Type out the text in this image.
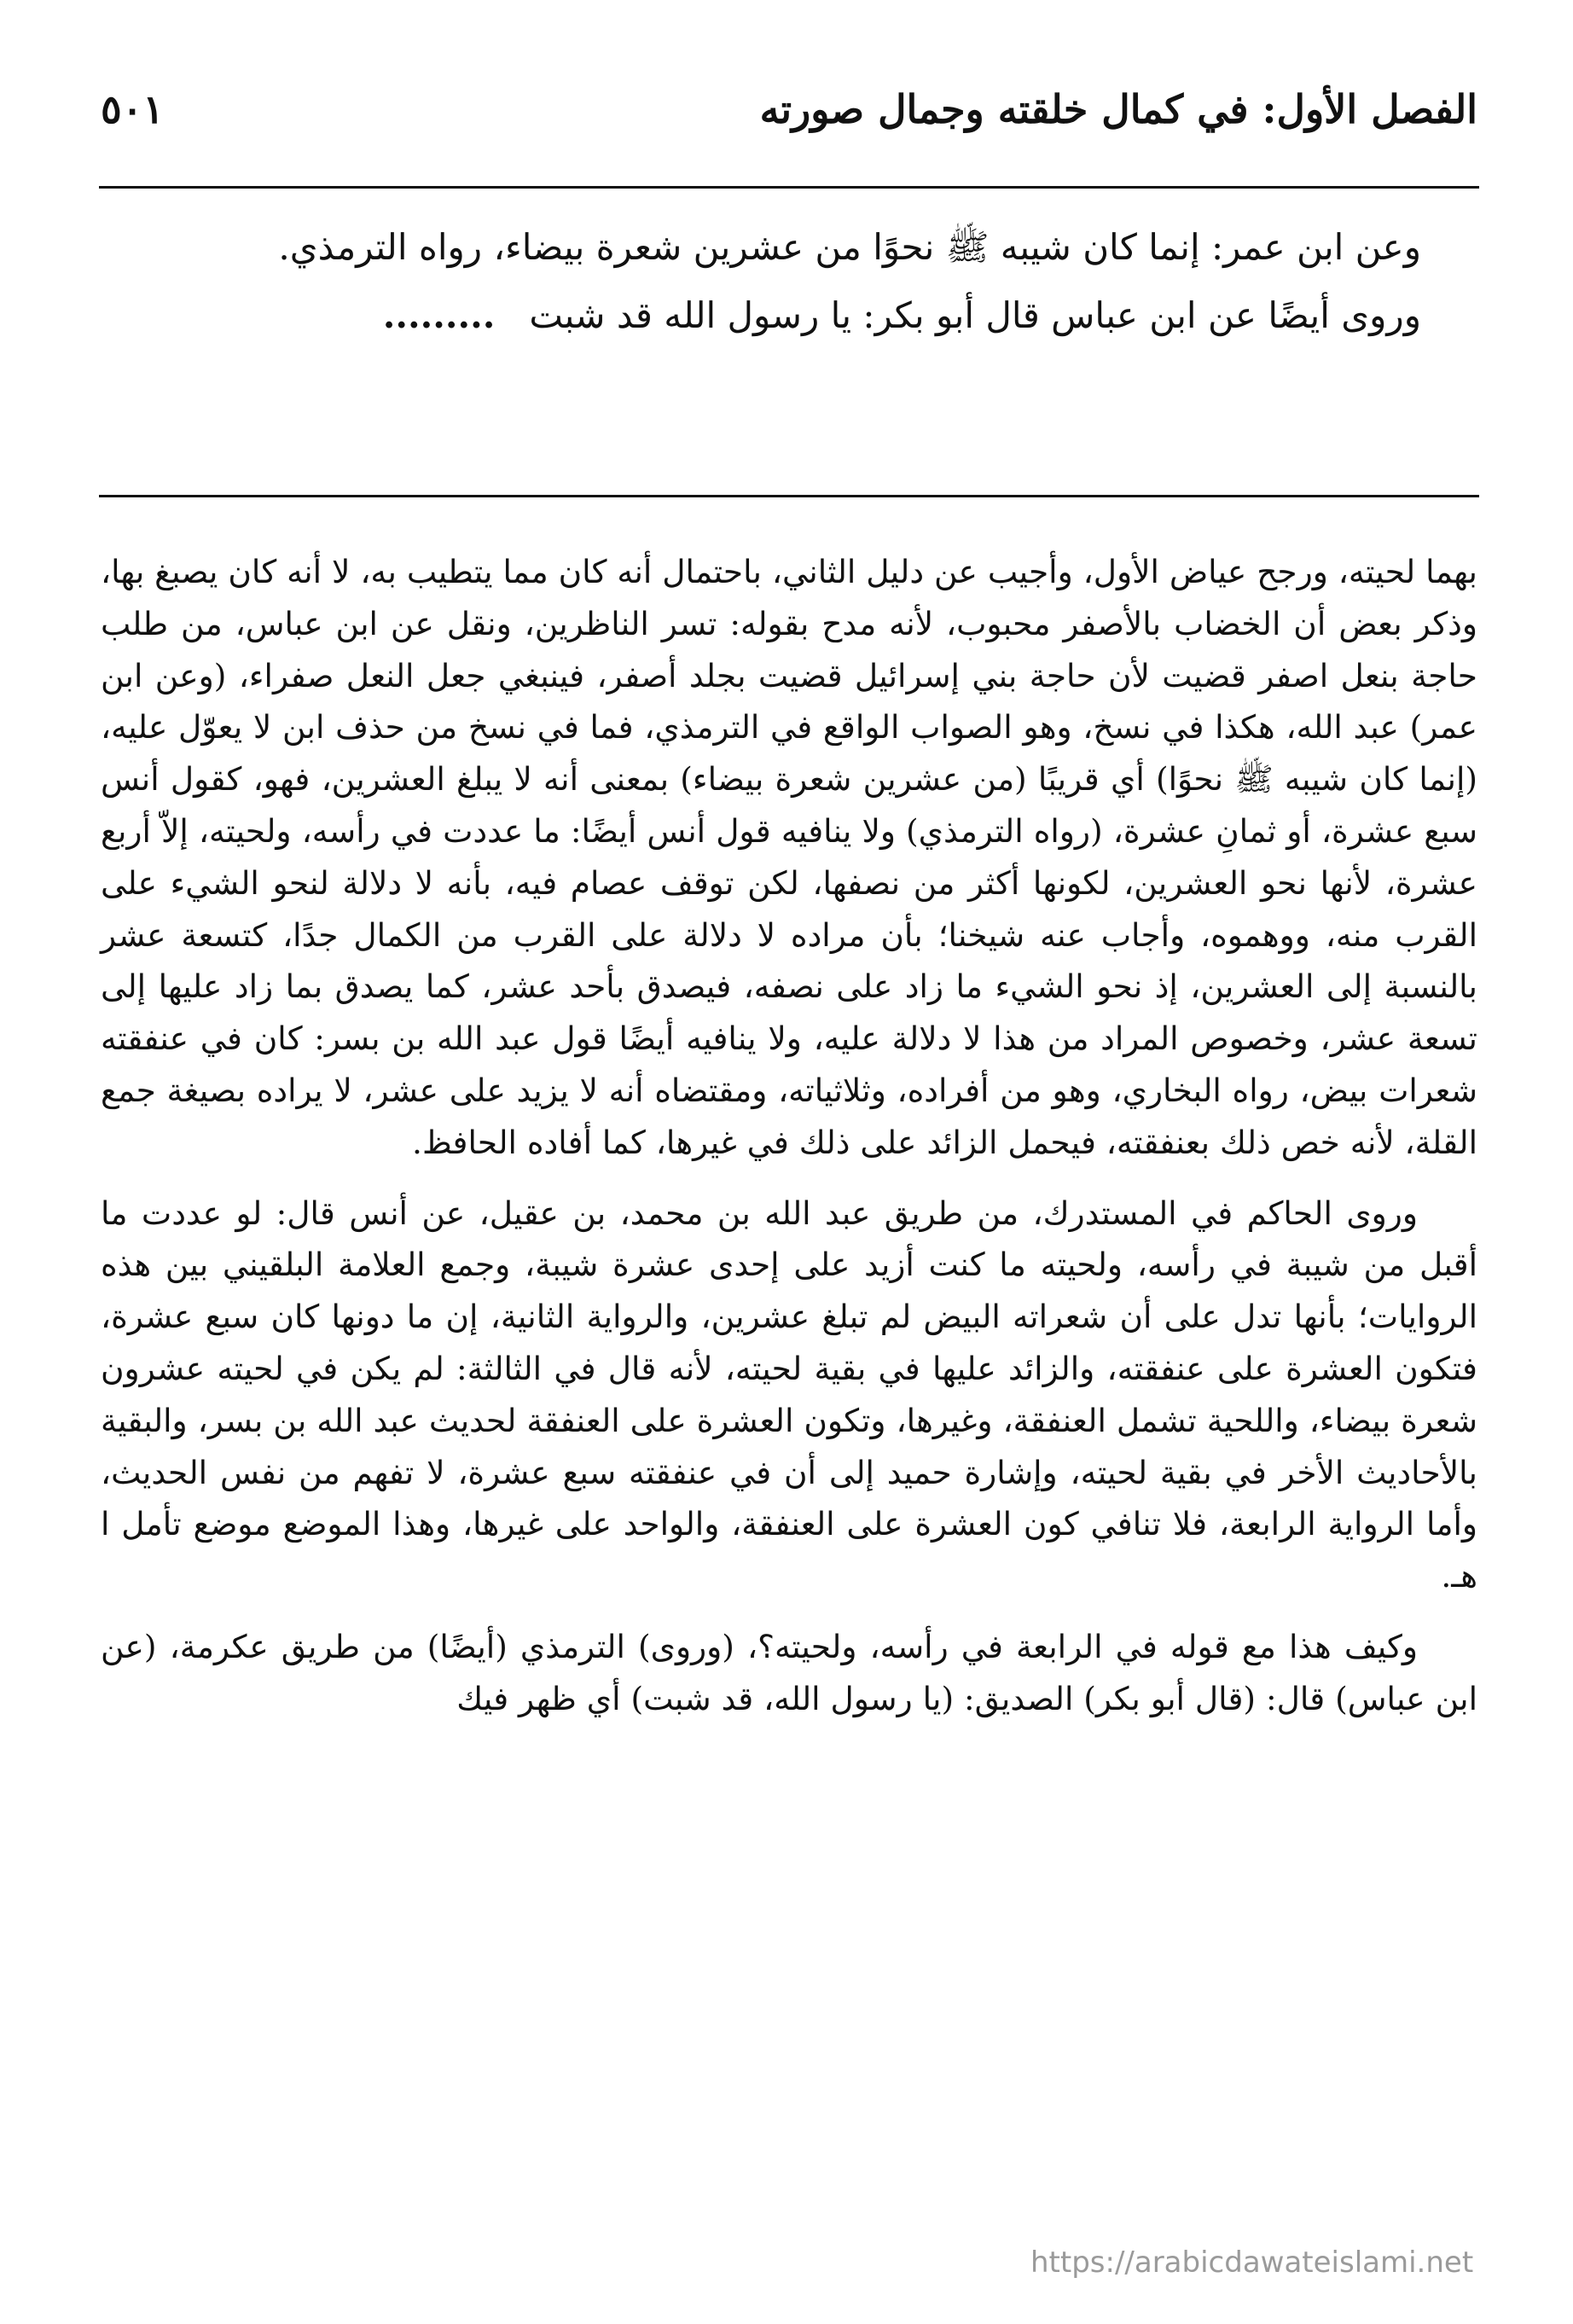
الفصل الأول: في كمال خلقته وجمال صورته
٥٠١

وعن ابن عمر: إنما كان شيبه ﷺ نحوًا من عشرين شعرة بيضاء، رواه الترمذي.

وروى أيضًا عن ابن عباس قال أبو بكر: يا رسول الله قد شبت.........

بهما لحيته، ورجح عياض الأول، وأجيب عن دليل الثاني، باحتمال أنه كان مما يتطيب به، لا أنه كان يصبغ بها، وذكر بعض أن الخضاب بالأصفر محبوب، لأنه مدح بقوله: تسر الناظرين، ونقل عن ابن عباس، من طلب حاجة بنعل اصفر قضيت لأن حاجة بني إسرائيل قضيت بجلد أصفر، فينبغي جعل النعل صفراء، (وعن ابن عمر) عبد الله، هكذا في نسخ، وهو الصواب الواقع في الترمذي، فما في نسخ من حذف ابن لا يعوّل عليه، (إنما كان شيبه ﷺ نحوًا) أي قريبًا (من عشرين شعرة بيضاء) بمعنى أنه لا يبلغ العشرين، فهو، كقول أنس سبع عشرة، أو ثمانِ عشرة، (رواه الترمذي) ولا ينافيه قول أنس أيضًا: ما عددت في رأسه، ولحيته، إلاّ أربع عشرة، لأنها نحو العشرين، لكونها أكثر من نصفها، لكن توقف عصام فيه، بأنه لا دلالة لنحو الشيء على القرب منه، ووهموه، وأجاب عنه شيخنا؛ بأن مراده لا دلالة على القرب من الكمال جدًا، كتسعة عشر بالنسبة إلى العشرين، إذ نحو الشيء ما زاد على نصفه، فيصدق بأحد عشر، كما يصدق بما زاد عليها إلى تسعة عشر، وخصوص المراد من هذا لا دلالة عليه، ولا ينافيه أيضًا قول عبد الله بن بسر: كان في عنفقته شعرات بيض، رواه البخاري، وهو من أفراده، وثلاثياته، ومقتضاه أنه لا يزيد على عشر، لا يراده بصيغة جمع القلة، لأنه خص ذلك بعنفقته، فيحمل الزائد على ذلك في غيرها، كما أفاده الحافظ.

وروى الحاكم في المستدرك، من طريق عبد الله بن محمد، بن عقيل، عن أنس قال: لو عددت ما أقبل من شيبة في رأسه، ولحيته ما كنت أزيد على إحدى عشرة شيبة، وجمع العلامة البلقيني بين هذه الروايات؛ بأنها تدل على أن شعراته البيض لم تبلغ عشرين، والرواية الثانية، إن ما دونها كان سبع عشرة، فتكون العشرة على عنفقته، والزائد عليها في بقية لحيته، لأنه قال في الثالثة: لم يكن في لحيته عشرون شعرة بيضاء، واللحية تشمل العنفقة، وغيرها، وتكون العشرة على العنفقة لحديث عبد الله بن بسر، والبقية بالأحاديث الأخر في بقية لحيته، وإشارة حميد إلى أن في عنفقته سبع عشرة، لا تفهم من نفس الحديث، وأما الرواية الرابعة، فلا تنافي كون العشرة على العنفقة، والواحد على غيرها، وهذا الموضع موضع تأمل ا هـ.

وكيف هذا مع قوله في الرابعة في رأسه، ولحيته؟، (وروى) الترمذي (أيضًا) من طريق عكرمة، (عن ابن عباس) قال: (قال أبو بكر) الصديق: (يا رسول الله، قد شبت) أي ظهر فيك

https://arabicdawateislami.net
